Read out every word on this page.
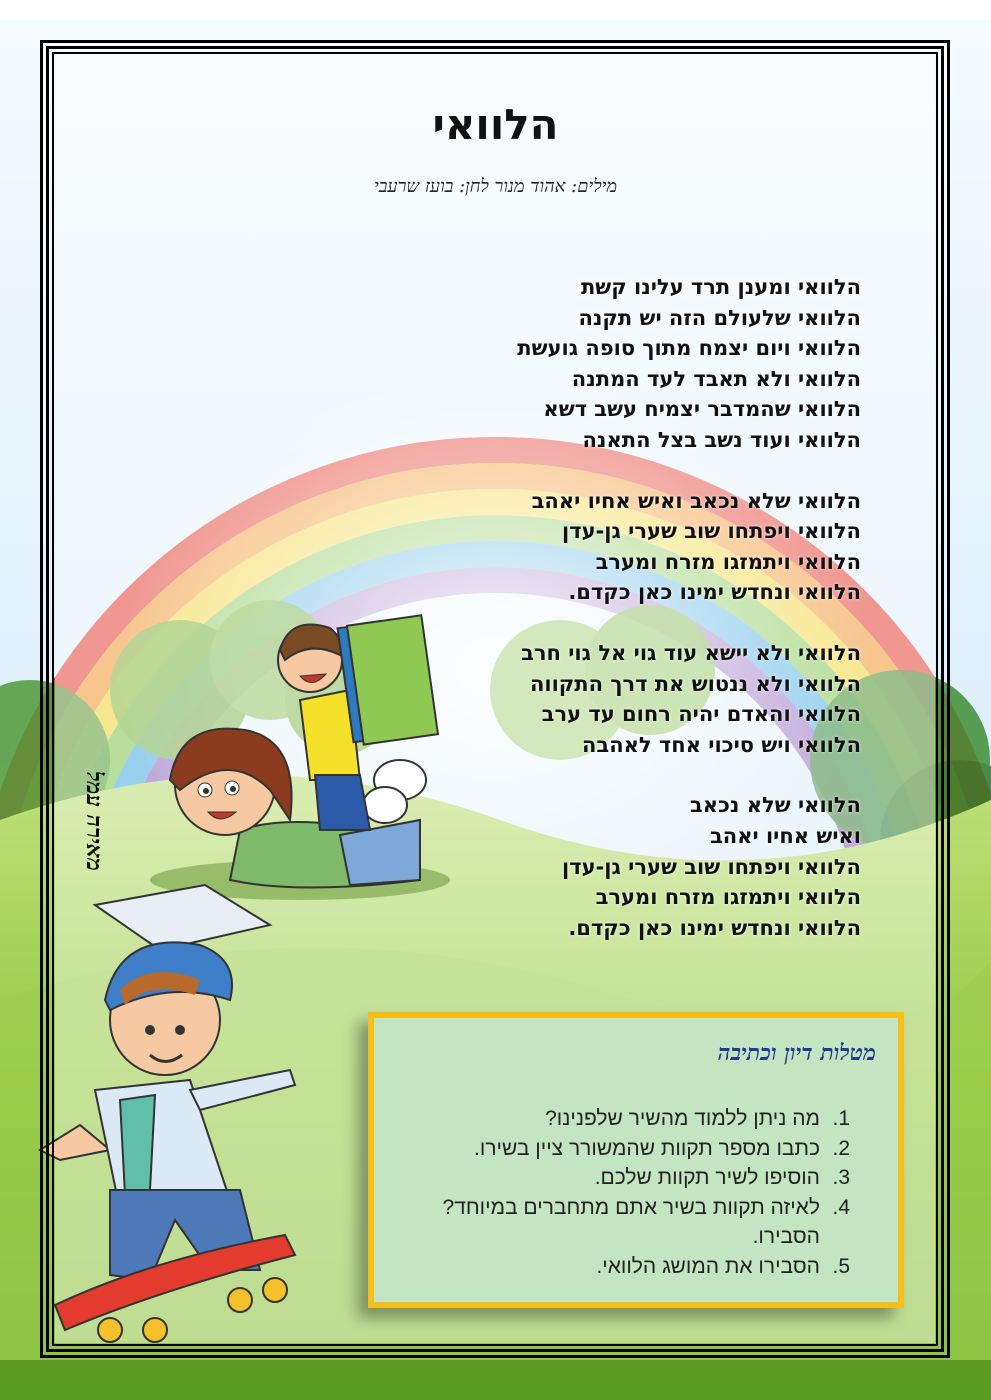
הלוואי
מילים: אהוד מנור לחן: בועז שרעבי
הלוואי ומענן תרד עלינו קשת
הלוואי שלעולם הזה יש תקנה
הלוואי ויום יצמח מתוך סופה גועשת
הלוואי ולא תאבד לעד המתנה
הלוואי שהמדבר יצמיח עשב דשא
הלוואי ועוד נשב בצל התאנה
הלוואי שלא נכאב ואיש אחיו יאהב
הלוואי ויפתחו שוב שערי גן-עדן
הלוואי ויתמזגו מזרח ומערב
הלוואי ונחדש ימינו כאן כקדם.
הלוואי ולא יישא עוד גוי אל גוי חרב
הלוואי ולא ננטוש את דרך התקווה
הלוואי והאדם יהיה רחום עד ערב
הלוואי ויש סיכוי אחד לאהבה
הלוואי שלא נכאב
ואיש אחיו יאהב
הלוואי ויפתחו שוב שערי גן-עדן
הלוואי ויתמזגו מזרח ומערב
הלוואי ונחדש ימינו כאן כקדם.
מאירה עמל
מטלות דיון וכתיבה
1.
מה ניתן ללמוד מהשיר שלפנינו?
2.
כתבו מספר תקוות שהמשורר ציין בשירו.
3.
הוסיפו לשיר תקוות שלכם.
4.
לאיזה תקוות בשיר אתם מתחברים במיוחד? הסבירו.
5.
הסבירו את המושג הלוואי.
